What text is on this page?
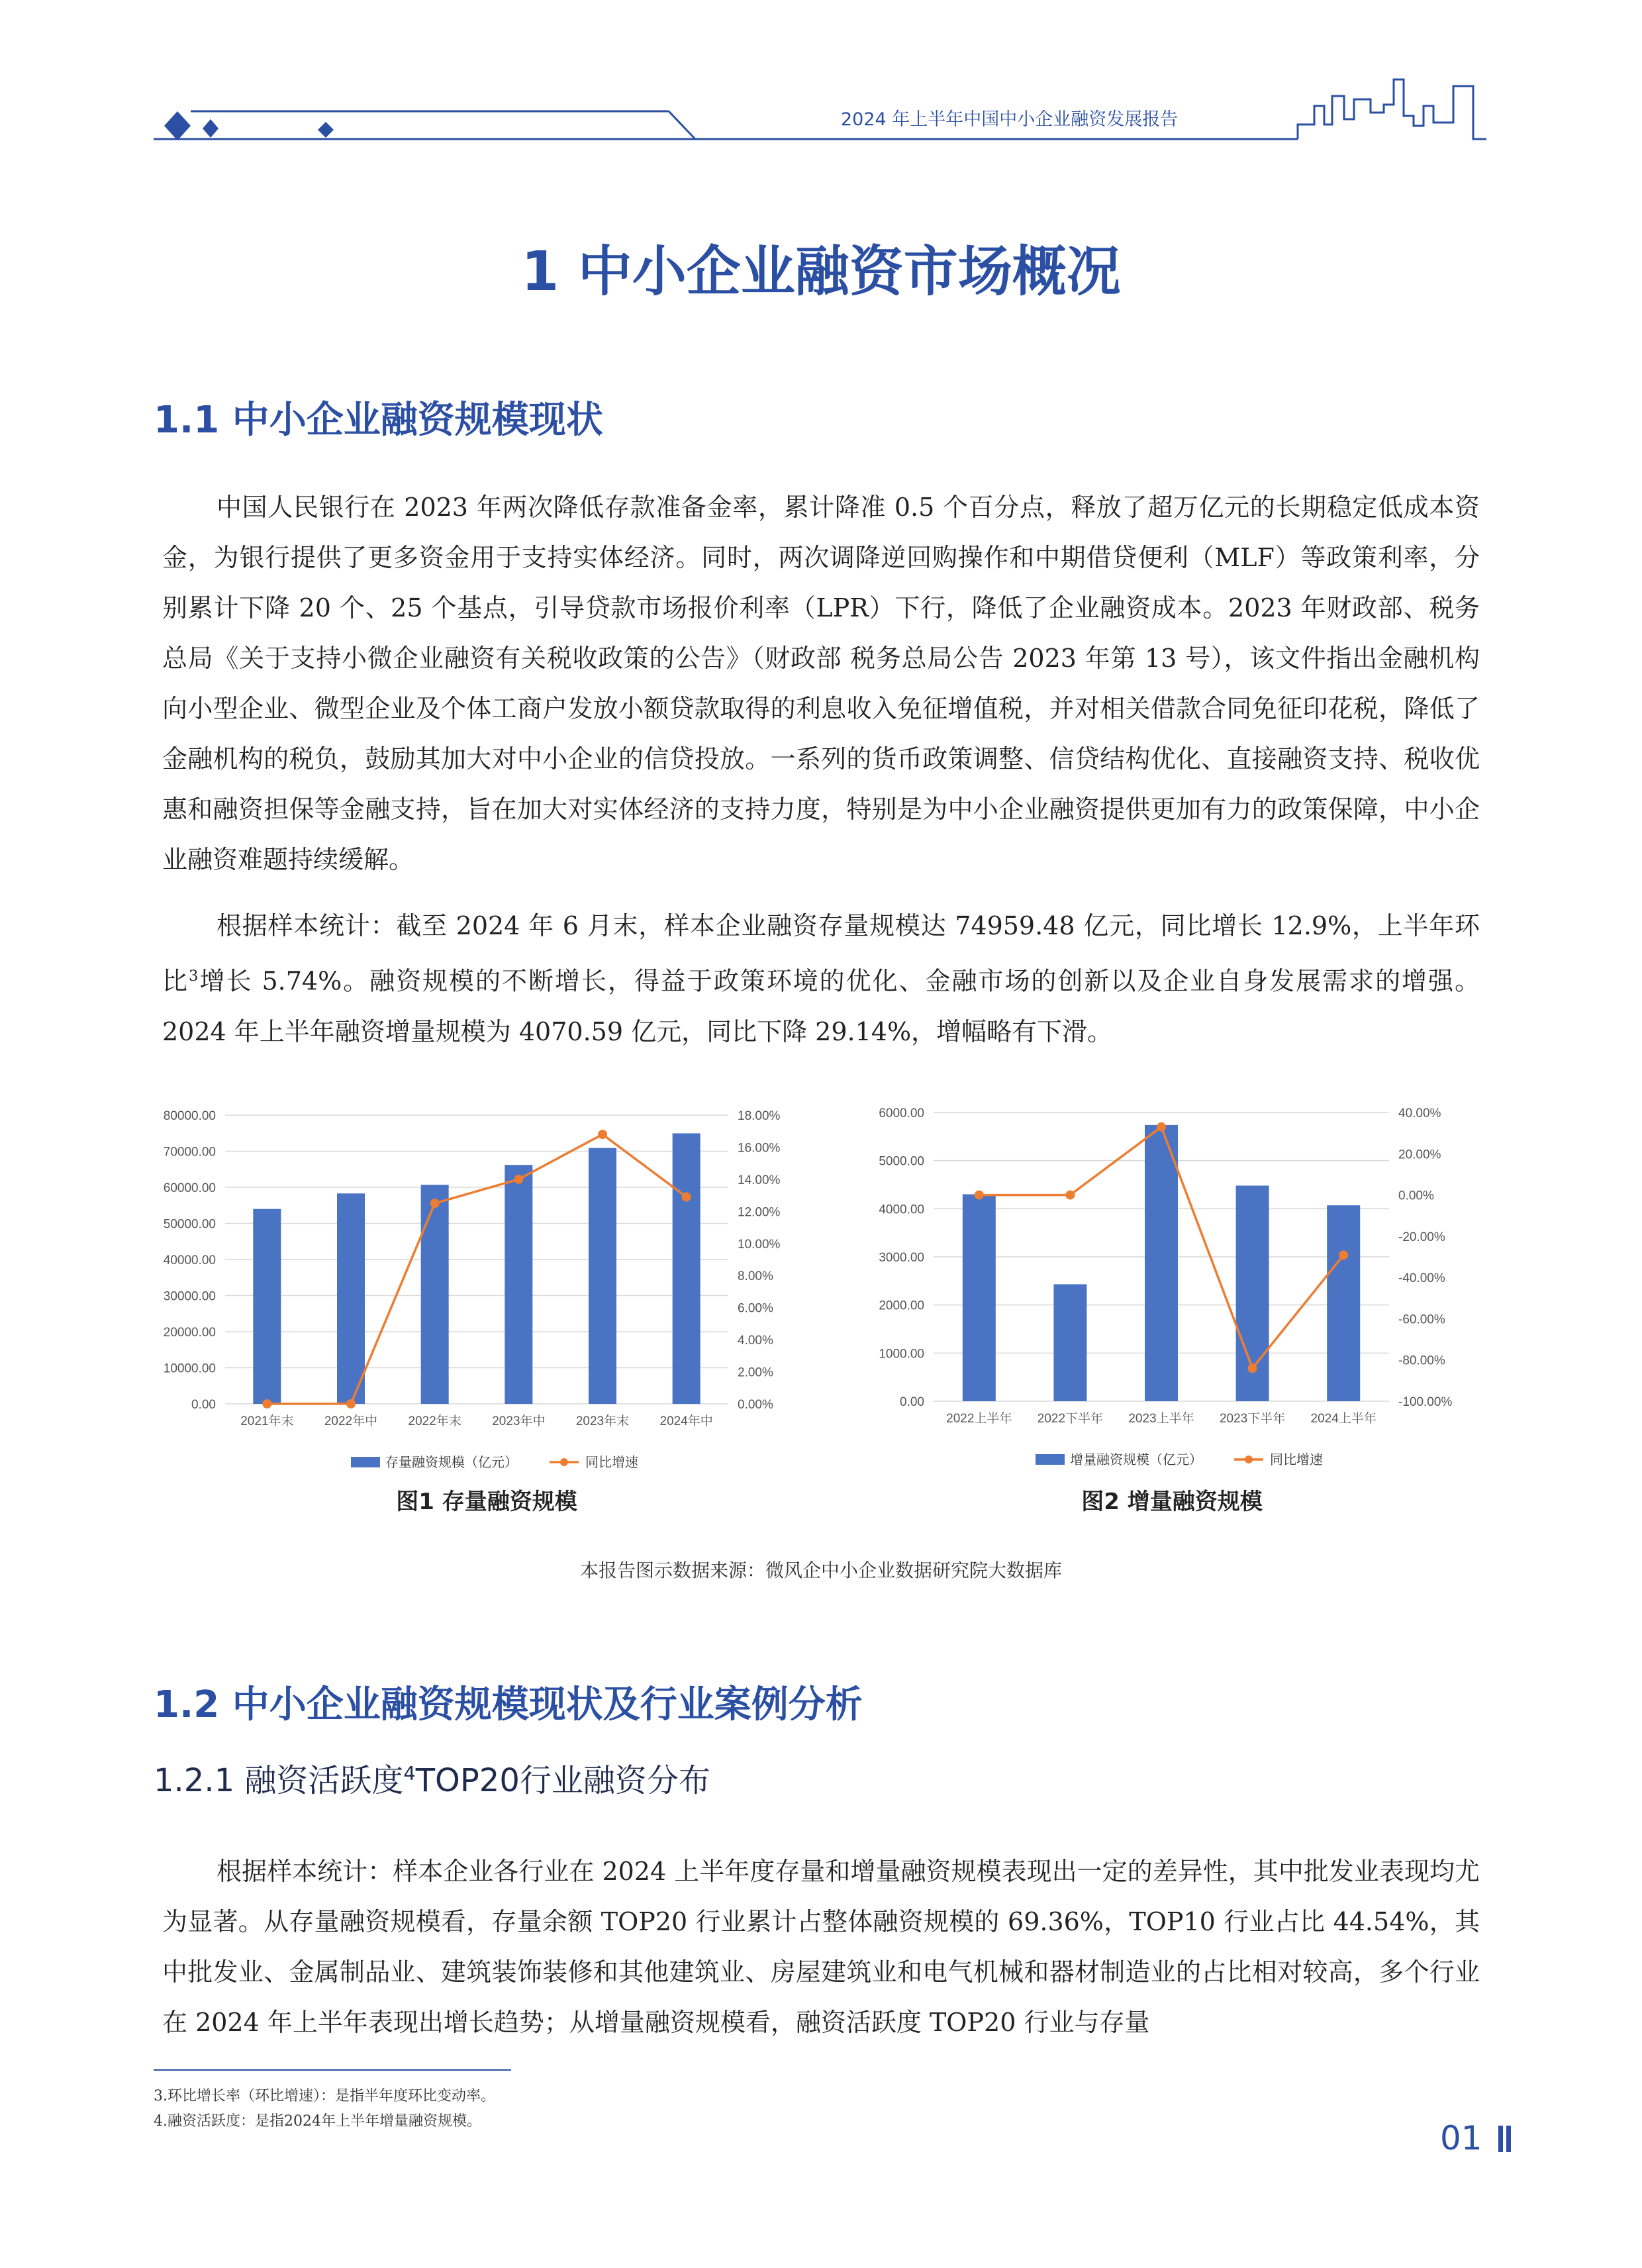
2024 年上半年中国中小企业融资发展报告
1 中小企业融资市场概况
1.1 中小企业融资规模现状

中国人民银行在 2023 年两次降低存款准备金率，累计降准 0.5 个百分点，释放了超万亿元的长期稳定低成本资金，为银行提供了更多资金用于支持实体经济。同时，两次调降逆回购操作和中期借贷便利（MLF）等政策利率，分别累计下降 20 个、25 个基点，引导贷款市场报价利率（LPR）下行，降低了企业融资成本。2023 年财政部、税务总局《关于支持小微企业融资有关税收政策的公告》（财政部 税务总局公告 2023 年第 13 号），该文件指出金融机构向小型企业、微型企业及个体工商户发放小额贷款取得的利息收入免征增值税，并对相关借款合同免征印花税，降低了金融机构的税负，鼓励其加大对中小企业的信贷投放。一系列的货币政策调整、信贷结构优化、直接融资支持、税收优惠和融资担保等金融支持，旨在加大对实体经济的支持力度，特别是为中小企业融资提供更加有力的政策保障，中小企业融资难题持续缓解。

根据样本统计：截至 2024 年 6 月末，样本企业融资存量规模达 74959.48 亿元，同比增长 12.9%，上半年环比$^3$增长 5.74%。融资规模的不断增长，得益于政策环境的优化、金融市场的创新以及企业自身发展需求的增强。2024 年上半年融资增量规模为 4070.59 亿元，同比下降 29.14%，增幅略有下滑。

0.00
10000.00
20000.00
30000.00
40000.00
50000.00
60000.00
70000.00
80000.00
0.00%
2.00%
4.00%
6.00%
8.00%
10.00%
12.00%
14.00%
16.00%
18.00%
2021年末 2022年中 2022年末 2023年中 2023年末 2024年中
存量融资规模（亿元）	同比增速
图1 存量融资规模
0.00
1000.00
2000.00
3000.00
4000.00
5000.00
6000.00
-100.00%
-80.00%
-60.00%
-40.00%
-20.00%
0.00%
20.00%
40.00%
2022上半年 2022下半年 2023上半年 2023下半年 2024上半年
增量融资规模（亿元）	同比增速
图2 增量融资规模
本报告图示数据来源：微风企中小企业数据研究院大数据库
1.2 中小企业融资规模现状及行业案例分析
1.2.1 融资活跃度$^4$TOP20行业融资分布

根据样本统计：样本企业各行业在 2024 上半年度存量和增量融资规模表现出一定的差异性，其中批发业表现均尤为显著。从存量融资规模看，存量余额 TOP20 行业累计占整体融资规模的 69.36%，TOP10 行业占比 44.54%，其中批发业、金属制品业、建筑装饰装修和其他建筑业、房屋建筑业和电气机械和器材制造业的占比相对较高，多个行业在 2024 年上半年表现出增长趋势；从增量融资规模看，融资活跃度 TOP20 行业与存量

3.环比增长率（环比增速）：是指半年度环比变动率。
4.融资活跃度：是指2024年上半年增量融资规模。	01
